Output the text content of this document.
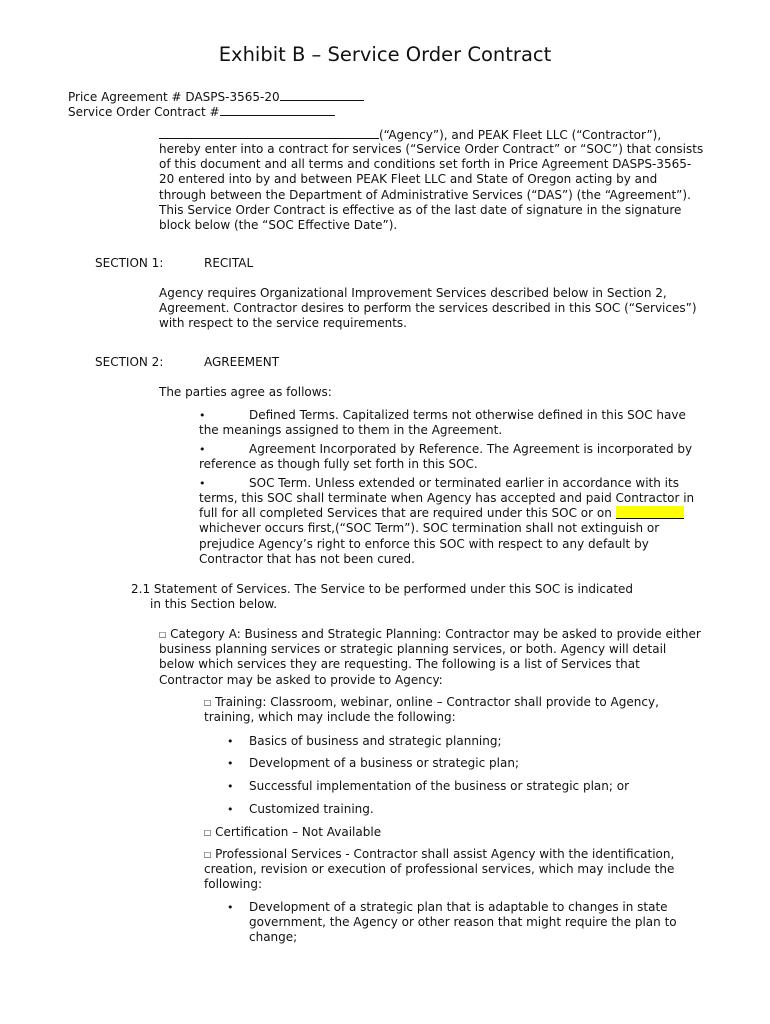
Exhibit B – Service Order Contract
Price Agreement # DASPS-3565-20
Service Order Contract #
(“Agency”), and PEAK Fleet LLC (“Contractor”),
hereby enter into a contract for services (“Service Order Contract” or “SOC”) that consists
of this document and all terms and conditions set forth in Price Agreement DASPS-3565-
20 entered into by and between PEAK Fleet LLC and State of Oregon acting by and
through between the Department of Administrative Services (“DAS”) (the “Agreement”).
This Service Order Contract is effective as of the last date of signature in the signature
block below (the “SOC Effective Date”).
SECTION 1:	RECITAL
Agency requires Organizational Improvement Services described below in Section 2,
Agreement. Contractor desires to perform the services described in this SOC (“Services”)
with respect to the service requirements.
SECTION 2:	AGREEMENT
The parties agree as follows:
•	Defined Terms. Capitalized terms not otherwise defined in this SOC have
the meanings assigned to them in the Agreement.
•	Agreement Incorporated by Reference. The Agreement is incorporated by
reference as though fully set forth in this SOC.
•	SOC Term. Unless extended or terminated earlier in accordance with its
terms, this SOC shall terminate when Agency has accepted and paid Contractor in
full for all completed Services that are required under this SOC or on
whichever occurs first,(“SOC Term”). SOC termination shall not extinguish or
prejudice Agency’s right to enforce this SOC with respect to any default by
Contractor that has not been cured.
2.1 Statement of Services. The Service to be performed under this SOC is indicated
in this Section below.
☐ Category A: Business and Strategic Planning: Contractor may be asked to provide either
business planning services or strategic planning services, or both. Agency will detail
below which services they are requesting. The following is a list of Services that
Contractor may be asked to provide to Agency:
☐ Training: Classroom, webinar, online – Contractor shall provide to Agency,
training, which may include the following:
• Basics of business and strategic planning;
• Development of a business or strategic plan;
• Successful implementation of the business or strategic plan; or
• Customized training.
☐ Certification – Not Available
☐ Professional Services - Contractor shall assist Agency with the identification,
creation, revision or execution of professional services, which may include the
following:
• Development of a strategic plan that is adaptable to changes in state
government, the Agency or other reason that might require the plan to
change;
